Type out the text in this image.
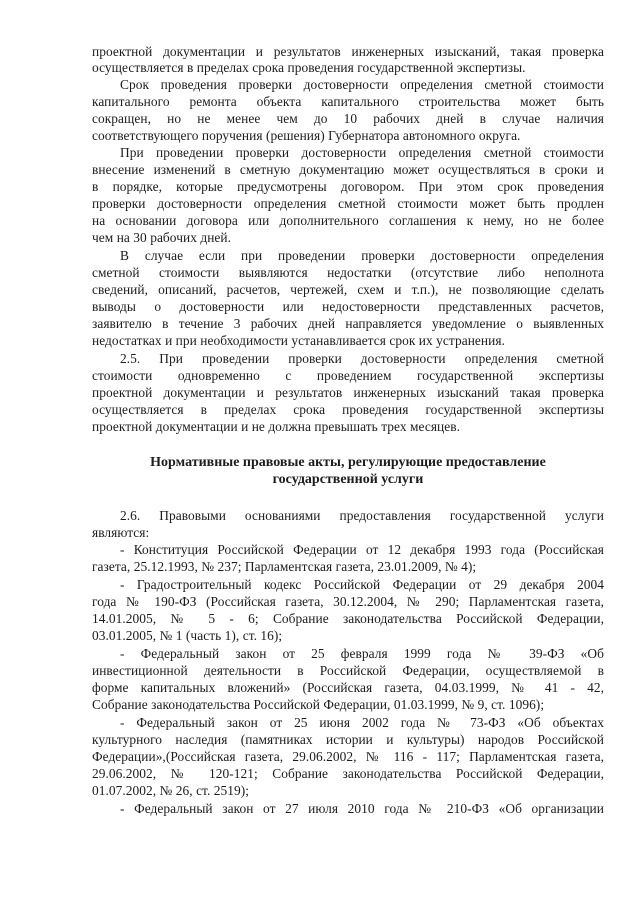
проектной документации и результатов инженерных изысканий, такая проверка
осуществляется в пределах срока проведения государственной экспертизы.
Срок проведения проверки достоверности определения сметной стоимости
капитального ремонта объекта капитального строительства может быть
сокращен, но не менее чем до 10 рабочих дней в случае наличия
соответствующего поручения (решения) Губернатора автономного округа.
При проведении проверки достоверности определения сметной стоимости
внесение изменений в сметную документацию может осуществляться в сроки и
в порядке, которые предусмотрены договором. При этом срок проведения
проверки достоверности определения сметной стоимости может быть продлен
на основании договора или дополнительного соглашения к нему, но не более
чем на 30 рабочих дней.
В случае если при проведении проверки достоверности определения
сметной стоимости выявляются недостатки (отсутствие либо неполнота
сведений, описаний, расчетов, чертежей, схем и т.п.), не позволяющие сделать
выводы о достоверности или недостоверности представленных расчетов,
заявителю в течение 3 рабочих дней направляется уведомление о выявленных
недостатках и при необходимости устанавливается срок их устранения.
2.5. При проведении проверки достоверности определения сметной
стоимости одновременно с проведением государственной экспертизы
проектной документации и результатов инженерных изысканий такая проверка
осуществляется в пределах срока проведения государственной экспертизы
проектной документации и не должна превышать трех месяцев.
Нормативные правовые акты, регулирующие предоставление
государственной услуги
2.6. Правовыми основаниями предоставления государственной услуги
являются:
- Конституция Российской Федерации от 12 декабря 1993 года (Российская
газета, 25.12.1993, № 237; Парламентская газета, 23.01.2009, № 4);
- Градостроительный кодекс Российской Федерации от 29 декабря 2004
года № 190-ФЗ (Российская газета, 30.12.2004, № 290; Парламентская газета,
14.01.2005, № 5 - 6; Собрание законодательства Российской Федерации,
03.01.2005, № 1 (часть 1), ст. 16);
- Федеральный закон от 25 февраля 1999 года № 39-ФЗ «Об
инвестиционной деятельности в Российской Федерации, осуществляемой в
форме капитальных вложений» (Российская газета, 04.03.1999, № 41 - 42,
Собрание законодательства Российской Федерации, 01.03.1999, № 9, ст. 1096);
- Федеральный закон от 25 июня 2002 года № 73-ФЗ «Об объектах
культурного наследия (памятниках истории и культуры) народов Российской
Федерации»,(Российская газета, 29.06.2002, № 116 - 117; Парламентская газета,
29.06.2002, № 120-121; Собрание законодательства Российской Федерации,
01.07.2002, № 26, ст. 2519);
- Федеральный закон от 27 июля 2010 года № 210-ФЗ «Об организации
